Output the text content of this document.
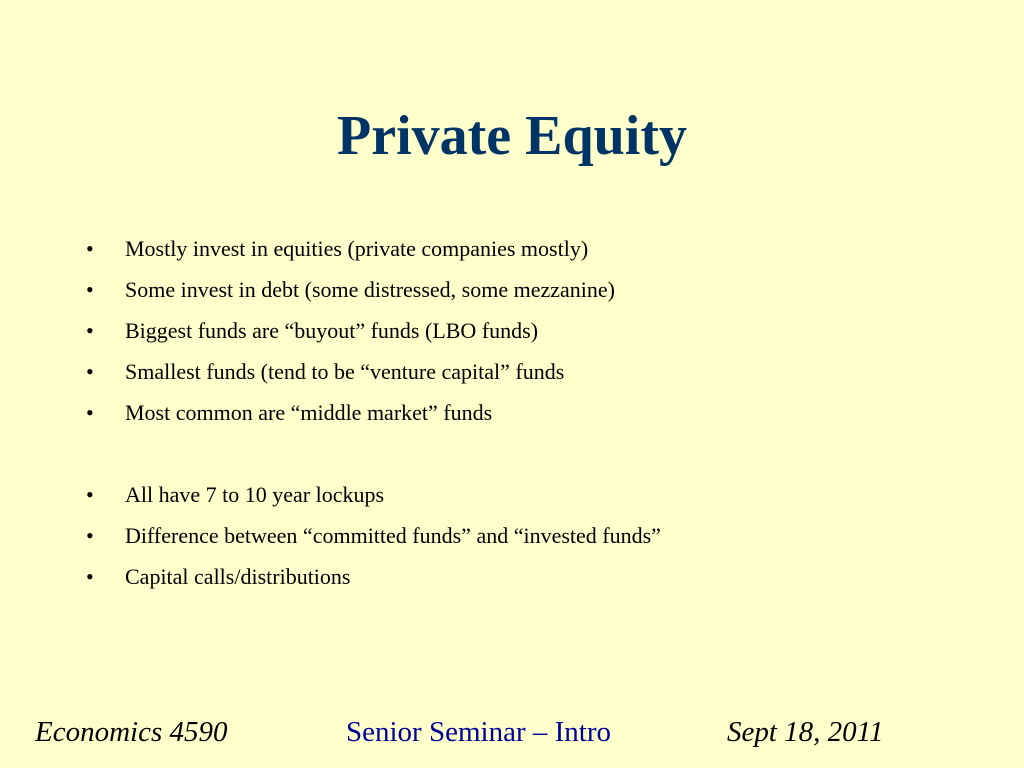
Private Equity
• Mostly invest in equities (private companies mostly)
• Some invest in debt (some distressed, some mezzanine)
• Biggest funds are “buyout” funds (LBO funds)
• Smallest funds (tend to be “venture capital” funds
• Most common are “middle market” funds
• All have 7 to 10 year lockups
• Difference between “committed funds” and “invested funds”
• Capital calls/distributions
Economics 4590	Senior Seminar – Intro	Sept 18, 2011
